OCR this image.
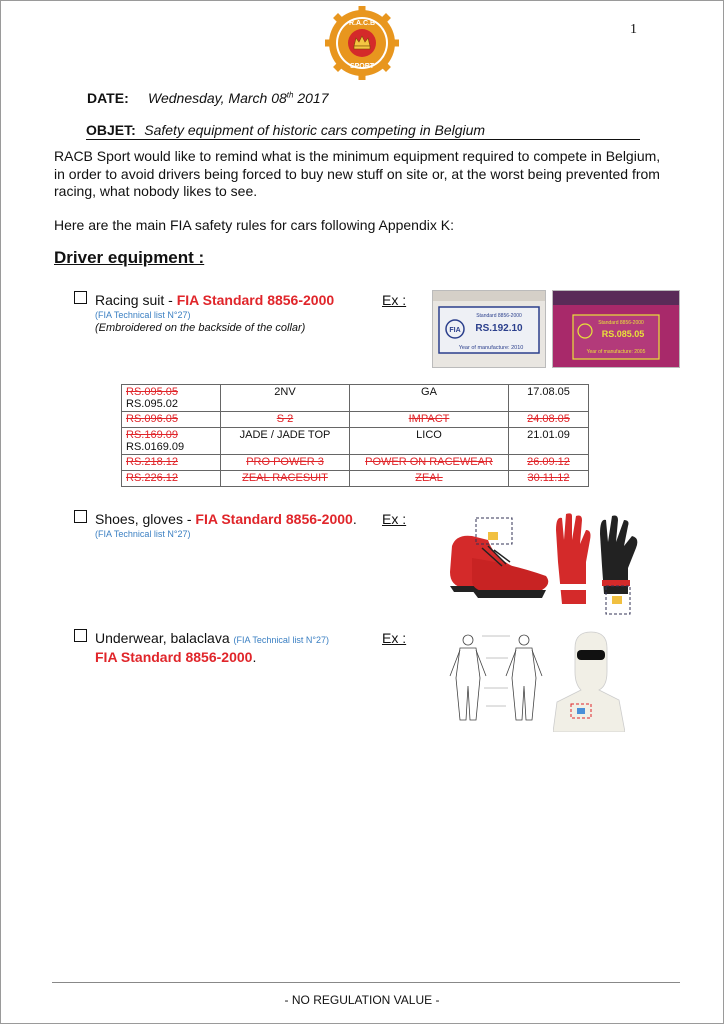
1
R.A.C.B
SPORT
DATE: Wednesday, March 08th 2017
OBJET: Safety equipment of historic cars competing in Belgium
RACB Sport would like to remind what is the minimum equipment required to compete in Belgium, in order to avoid drivers being forced to buy new stuff on site or, at the worst being prevented from racing, what nobody likes to see.
Here are the main FIA safety rules for cars following Appendix K:
Driver equipment :
Racing suit - FIA Standard 8856-2000
(FIA Technical list N°27)
(Embroidered on the backside of the collar)
Ex :
FIA
Standard 8856-2000
RS.192.10
Year of manufacture: 2010
Standard 8856-2000
RS.085.05
Year of manufacture: 2005
RS.095.05
RS.095.02	2NV	GA	17.08.05
RS.096.05	S 2	IMPACT	24.08.05
RS.169.09
RS.0169.09	JADE / JADE TOP	LICO	21.01.09
RS.218.12	PRO POWER 3	POWER ON RACEWEAR	26.09.12
RS.226.12	ZEAL RACESUIT	ZEAL	30.11.12
Shoes, gloves - FIA Standard 8856-2000.
(FIA Technical list N°27)
Ex :
Underwear, balaclava (FIA Technical list N°27)
FIA Standard 8856-2000.
Ex :
- NO REGULATION VALUE -
